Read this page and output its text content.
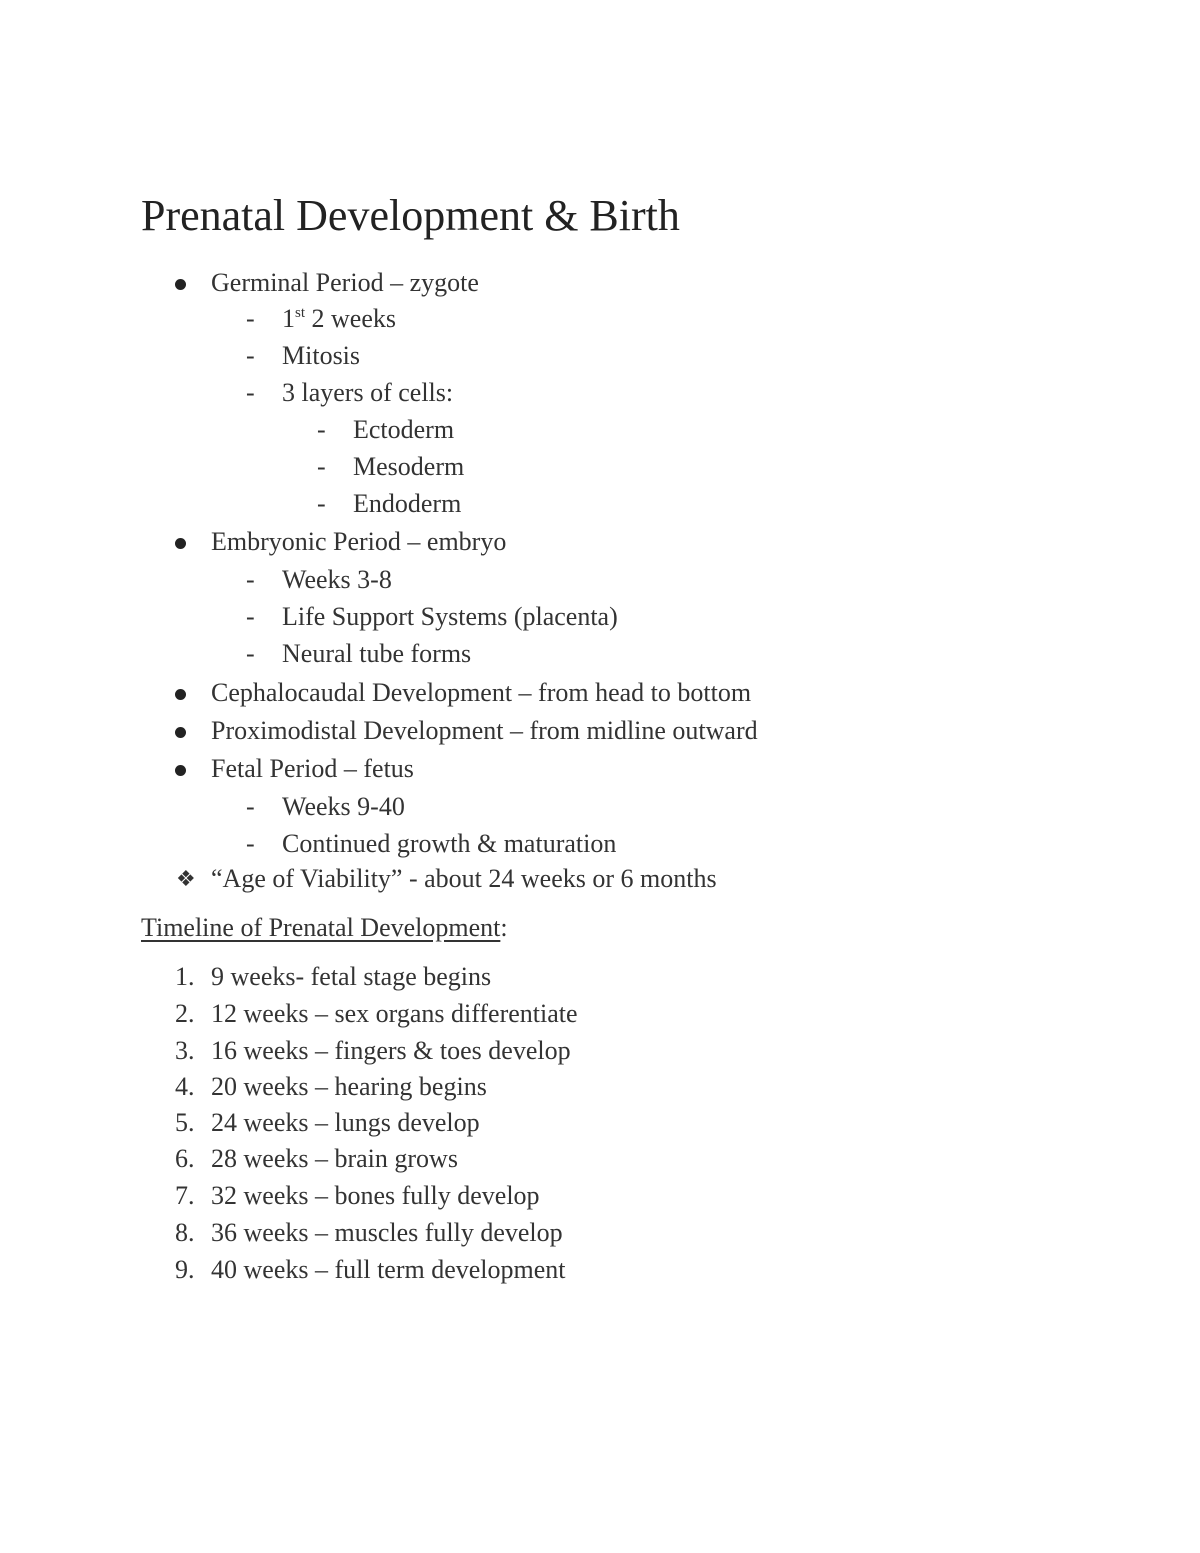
Prenatal Development & Birth
Germinal Period – zygote
- 1st 2 weeks
- Mitosis
- 3 layers of cells:
- Ectoderm
- Mesoderm
- Endoderm
Embryonic Period – embryo
- Weeks 3-8
- Life Support Systems (placenta)
- Neural tube forms
Cephalocaudal Development – from head to bottom
Proximodistal Development – from midline outward
Fetal Period – fetus
- Weeks 9-40
- Continued growth & maturation
❖ “Age of Viability” - about 24 weeks or 6 months
Timeline of Prenatal Development:
1. 9 weeks- fetal stage begins
2. 12 weeks – sex organs differentiate
3. 16 weeks – fingers & toes develop
4. 20 weeks – hearing begins
5. 24 weeks – lungs develop
6. 28 weeks – brain grows
7. 32 weeks – bones fully develop
8. 36 weeks – muscles fully develop
9. 40 weeks – full term development
